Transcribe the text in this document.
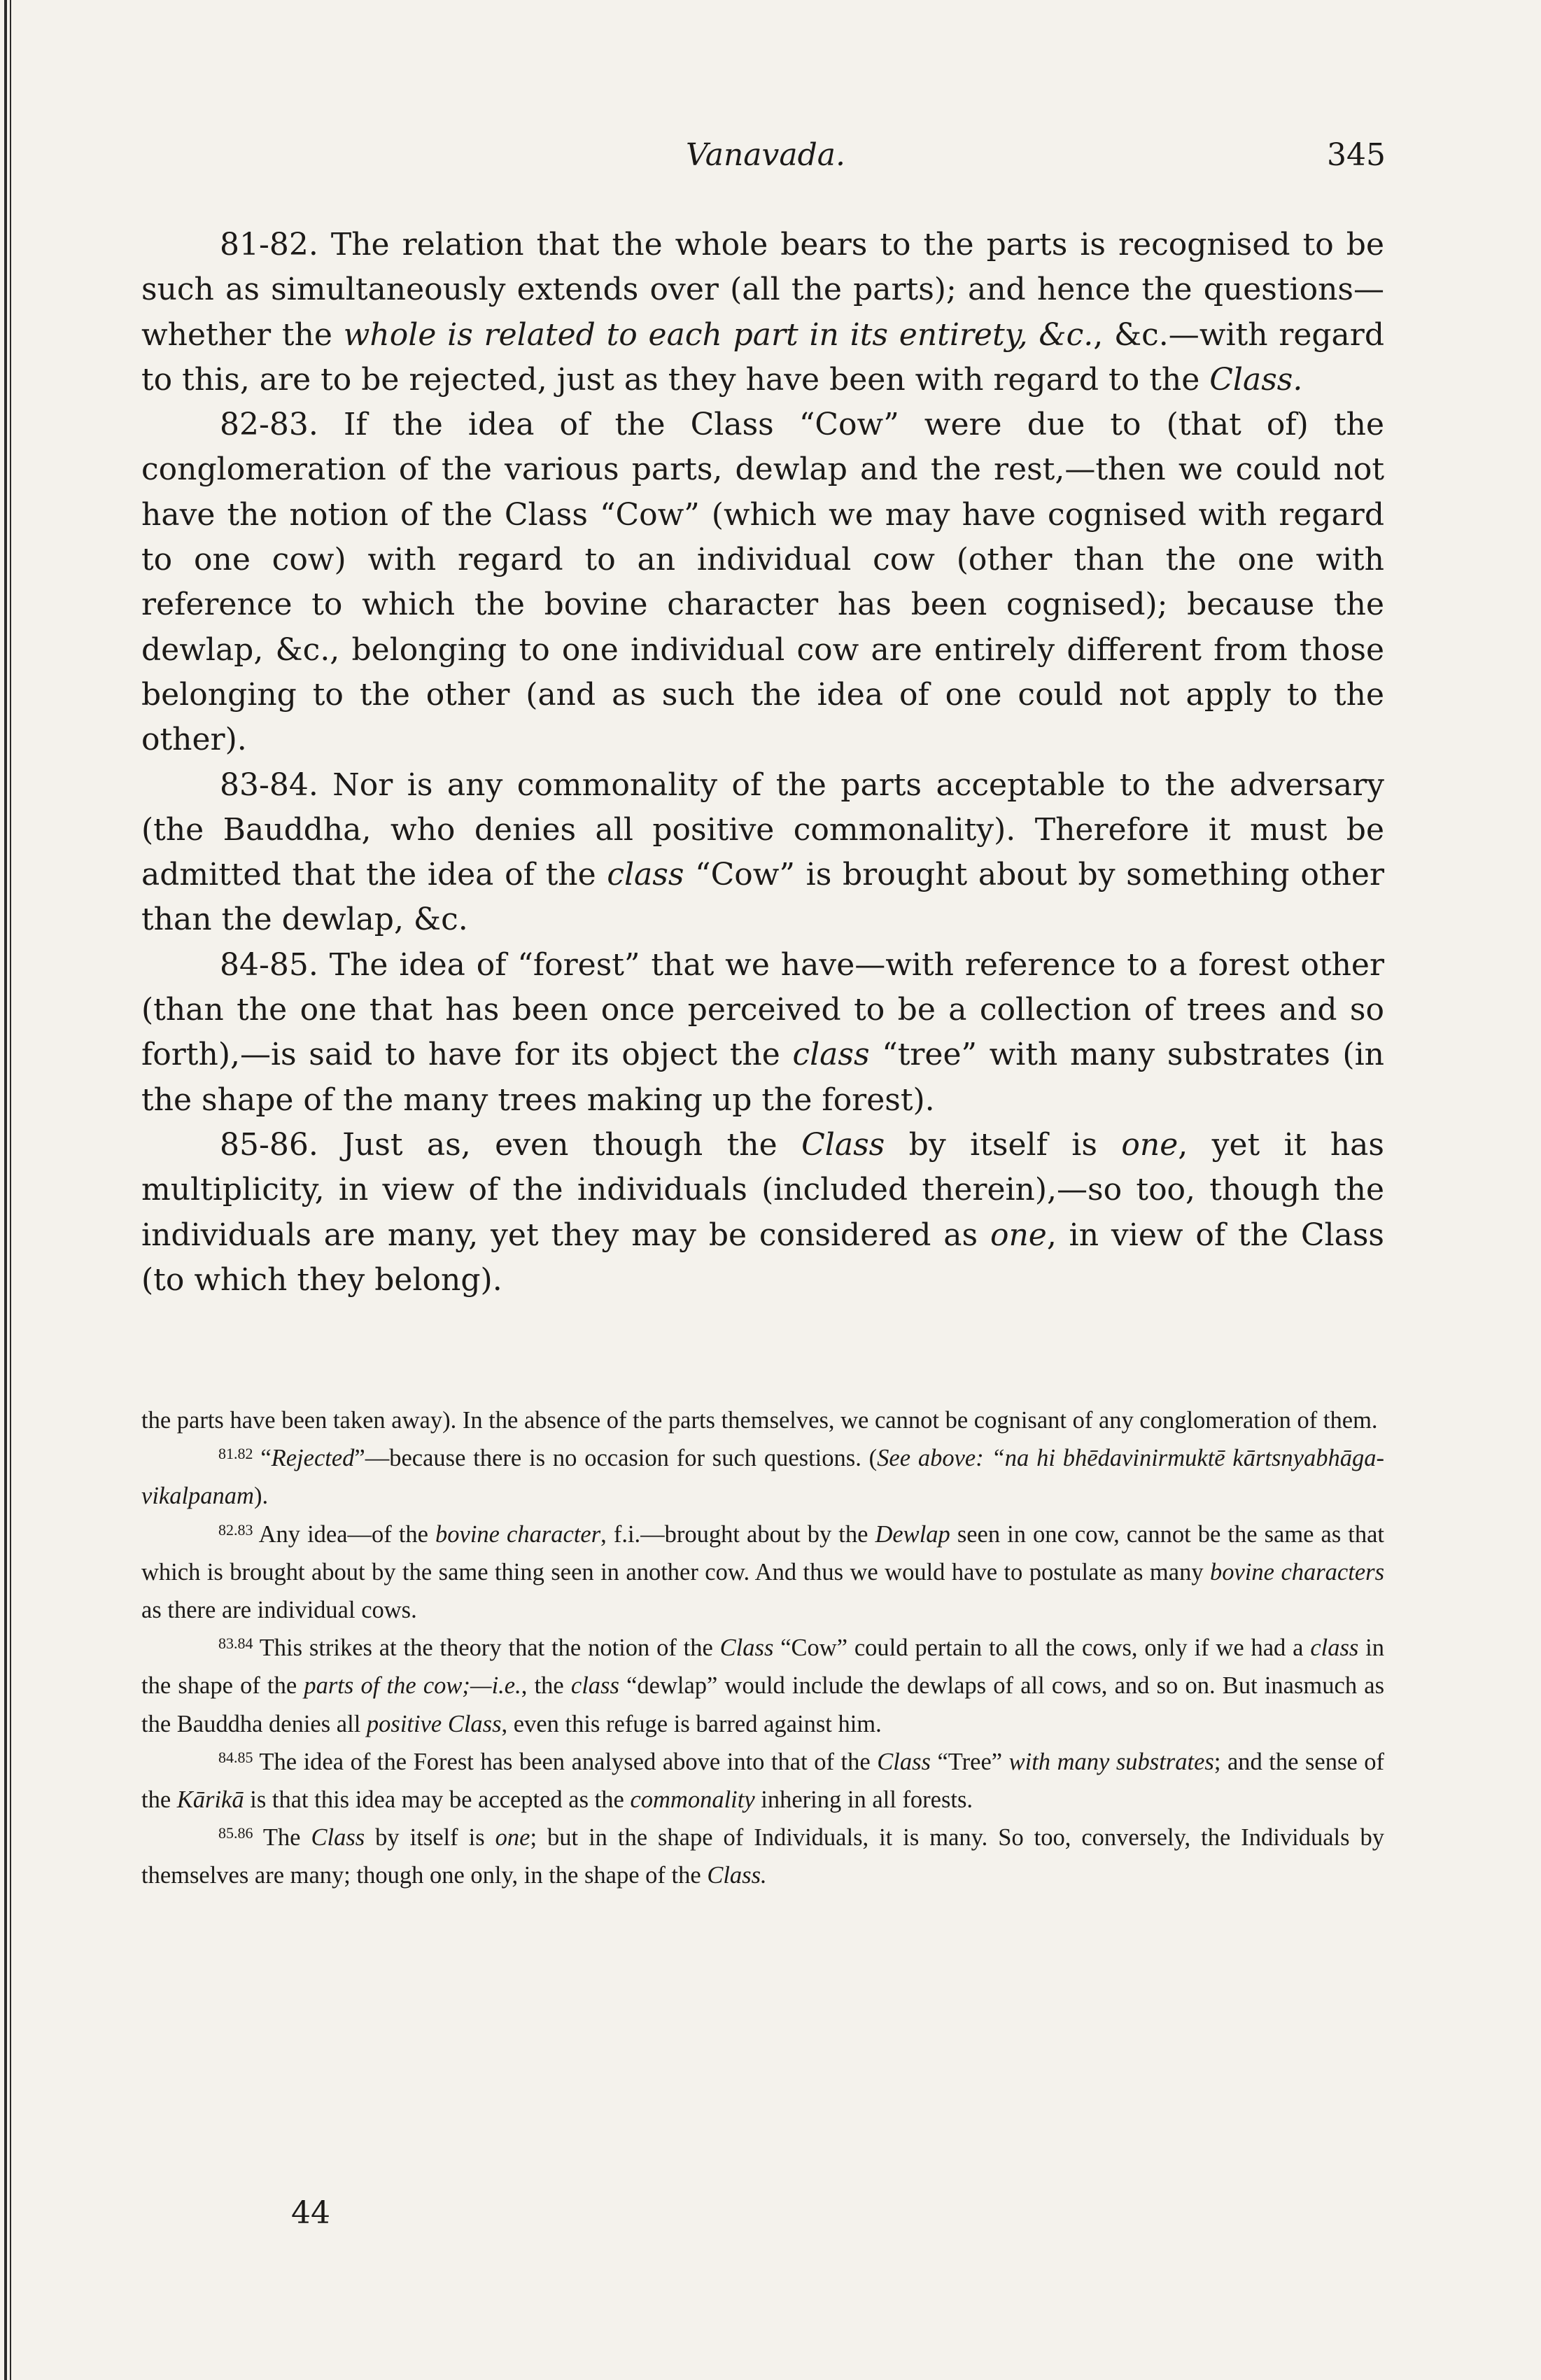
Vanavada.	345

81-82. The relation that the whole bears to the parts is recognised to be such as simultaneously extends over (all the parts); and hence the questions—whether the whole is related to each part in its entirety, &c., &c.—with regard to this, are to be rejected, just as they have been with regard to the Class.

82-83. If the idea of the Class “Cow” were due to (that of) the conglomeration of the various parts, dewlap and the rest,—then we could not have the notion of the Class “Cow” (which we may have cognised with regard to one cow) with regard to an individual cow (other than the one with reference to which the bovine character has been cognised); because the dewlap, &c., belonging to one individual cow are entirely different from those belonging to the other (and as such the idea of one could not apply to the other).

83-84. Nor is any commonality of the parts acceptable to the adversary (the Bauddha, who denies all positive commonality). Therefore it must be admitted that the idea of the class “Cow” is brought about by something other than the dewlap, &c.

84-85. The idea of “forest” that we have—with reference to a forest other (than the one that has been once perceived to be a collection of trees and so forth),—is said to have for its object the class “tree” with many substrates (in the shape of the many trees making up the forest).

85-86. Just as, even though the Class by itself is one, yet it has multiplicity, in view of the individuals (included therein),—so too, though the individuals are many, yet they may be considered as one, in view of the Class (to which they belong).

the parts have been taken away). In the absence of the parts themselves, we cannot be cognisant of any conglomeration of them.

$^{81.82}$ “Rejected”—because there is no occasion for such questions. (See above: “na hi bhēdavinirmuktē kārtsnyabhāga-vikalpanam).

$^{82.83}$ Any idea—of the bovine character, f.i.—brought about by the Dewlap seen in one cow, cannot be the same as that which is brought about by the same thing seen in another cow. And thus we would have to postulate as many bovine characters as there are individual cows.

$^{83.84}$ This strikes at the theory that the notion of the Class “Cow” could pertain to all the cows, only if we had a class in the shape of the parts of the cow;—i.e., the class “dewlap” would include the dewlaps of all cows, and so on. But inasmuch as the Bauddha denies all positive Class, even this refuge is barred against him.

$^{84.85}$ The idea of the Forest has been analysed above into that of the Class “Tree” with many substrates; and the sense of the Kārikā is that this idea may be accepted as the commonality inhering in all forests.

$^{85.86}$ The Class by itself is one; but in the shape of Individuals, it is many. So too, conversely, the Individuals by themselves are many; though one only, in the shape of the Class.

44
